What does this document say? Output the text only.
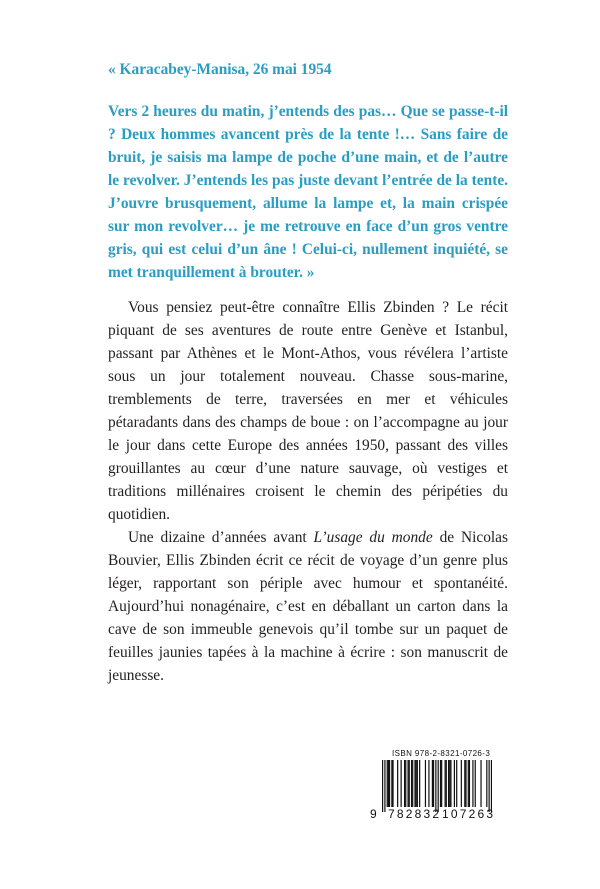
« Karacabey-Manisa, 26 mai 1954

Vers 2 heures du matin, j’entends des pas… Que se passe-t-il ? Deux hommes avancent près de la tente !… Sans faire de bruit, je saisis ma lampe de poche d’une main, et de l’autre le revolver. J’entends les pas juste devant l’entrée de la tente. J’ouvre brusquement, allume la lampe et, la main crispée sur mon revolver… je me retrouve en face d’un gros ventre gris, qui est celui d’un âne ! Celui-ci, nullement inquiété, se met tranquillement à brouter. »

Vous pensiez peut-être connaître Ellis Zbinden ? Le récit piquant de ses aventures de route entre Genève et Istanbul, passant par Athènes et le Mont-Athos, vous révélera l’artiste sous un jour totalement nouveau. Chasse sous-marine, tremblements de terre, traversées en mer et véhicules pétaradants dans des champs de boue : on l’accompagne au jour le jour dans cette Europe des années 1950, passant des villes grouillantes au cœur d’une nature sauvage, où vestiges et traditions millénaires croisent le chemin des péripéties du quotidien.

Une dizaine d’années avant L’usage du monde de Nicolas Bouvier, Ellis Zbinden écrit ce récit de voyage d’un genre plus léger, rapportant son périple avec humour et spontanéité. Aujourd’hui nonagénaire, c’est en déballant un carton dans la cave de son immeuble genevois qu’il tombe sur un paquet de feuilles jaunies tapées à la machine à écrire : son manuscrit de jeunesse.

ISBN 978-2-8321-0726-3
9 782832 107263
